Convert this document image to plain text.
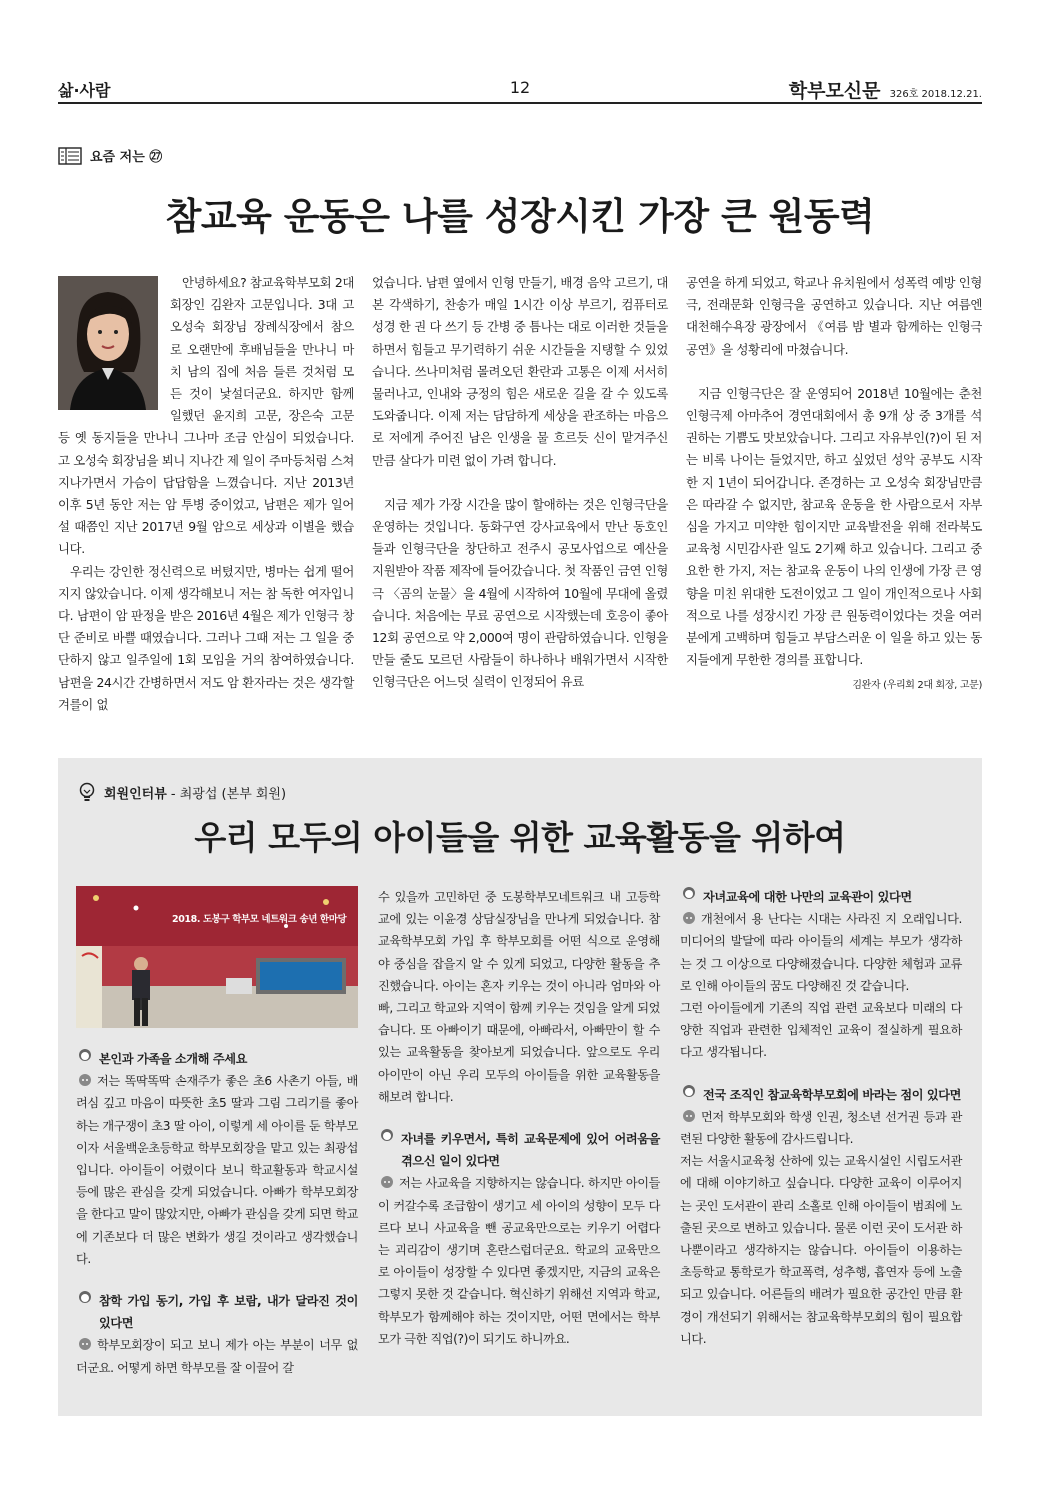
삶·사람	12	학부모신문 326호 2018.12.21.
요즘 저는 ㉗
참교육 운동은 나를 성장시킨 가장 큰 원동력

안녕하세요? 참교육학부모회 2대 회장인 김완자 고문입니다. 3대 고 오성숙 회장님 장례식장에서 참으로 오랜만에 후배님들을 만나니 마치 남의 집에 처음 들른 것처럼 모든 것이 낯설더군요. 하지만 함께 일했던 윤지희 고문, 장은숙 고문 등 옛 동지들을 만나니 그나마 조금 안심이 되었습니다. 고 오성숙 회장님을 뵈니 지나간 제 일이 주마등처럼 스쳐 지나가면서 가슴이 답답함을 느꼈습니다. 지난 2013년 이후 5년 동안 저는 암 투병 중이었고, 남편은 제가 일어설 때쯤인 지난 2017년 9월 암으로 세상과 이별을 했습니다.

우리는 강인한 정신력으로 버텼지만, 병마는 쉽게 떨어지지 않았습니다. 이제 생각해보니 저는 참 독한 여자입니다. 남편이 암 판정을 받은 2016년 4월은 제가 인형극 창단 준비로 바쁠 때였습니다. 그러나 그때 저는 그 일을 중단하지 않고 일주일에 1회 모임을 거의 참여하였습니다. 남편을 24시간 간병하면서 저도 암 환자라는 것은 생각할 겨를이 없

었습니다. 남편 옆에서 인형 만들기, 배경 음악 고르기, 대본 각색하기, 찬송가 매일 1시간 이상 부르기, 컴퓨터로 성경 한 권 다 쓰기 등 간병 중 틈나는 대로 이러한 것들을 하면서 힘들고 무기력하기 쉬운 시간들을 지탱할 수 있었습니다. 쓰나미처럼 몰려오던 환란과 고통은 이제 서서히 물러나고, 인내와 긍정의 힘은 새로운 길을 갈 수 있도록 도와줍니다. 이제 저는 담담하게 세상을 관조하는 마음으로 저에게 주어진 남은 인생을 물 흐르듯 신이 맡겨주신 만큼 살다가 미련 없이 가려 합니다.

지금 제가 가장 시간을 많이 할애하는 것은 인형극단을 운영하는 것입니다. 동화구연 강사교육에서 만난 동호인들과 인형극단을 창단하고 전주시 공모사업으로 예산을 지원받아 작품 제작에 들어갔습니다. 첫 작품인 금연 인형극 〈곰의 눈물〉을 4월에 시작하여 10월에 무대에 올렸습니다. 처음에는 무료 공연으로 시작했는데 호응이 좋아 12회 공연으로 약 2,000여 명이 관람하였습니다. 인형을 만들 줄도 모르던 사람들이 하나하나 배워가면서 시작한 인형극단은 어느덧 실력이 인정되어 유료

공연을 하게 되었고, 학교나 유치원에서 성폭력 예방 인형극, 전래문화 인형극을 공연하고 있습니다. 지난 여름엔 대천해수욕장 광장에서 《여름 밤 별과 함께하는 인형극 공연》을 성황리에 마쳤습니다.

지금 인형극단은 잘 운영되어 2018년 10월에는 춘천인형극제 아마추어 경연대회에서 총 9개 상 중 3개를 석권하는 기쁨도 맛보았습니다. 그리고 자유부인(?)이 된 저는 비록 나이는 들었지만, 하고 싶었던 성악 공부도 시작한 지 1년이 되어갑니다. 존경하는 고 오성숙 회장님만큼은 따라갈 수 없지만, 참교육 운동을 한 사람으로서 자부심을 가지고 미약한 힘이지만 교육발전을 위해 전라북도교육청 시민감사관 일도 2기째 하고 있습니다. 그리고 중요한 한 가지, 저는 참교육 운동이 나의 인생에 가장 큰 영향을 미친 위대한 도전이었고 그 일이 개인적으로나 사회적으로 나를 성장시킨 가장 큰 원동력이었다는 것을 여러분에게 고백하며 힘들고 부담스러운 이 일을 하고 있는 동지들에게 무한한 경의를 표합니다.

김완자 (우리회 2대 회장, 고문)
회원인터뷰 - 최광섭 (본부 회원)
우리 모두의 아이들을 위한 교육활동을 위하여
2018. 도봉구 학부모 네트워크 송년 한마당
본인과 가족을 소개해 주세요
저는 똑딱똑딱 손재주가 좋은 초6 사촌기 아들, 배려심 깊고 마음이 따뜻한 초5 딸과 그림 그리기를 좋아하는 개구쟁이 초3 딸 아이, 이렇게 세 아이를 둔 학부모이자 서울백운초등학교 학부모회장을 맡고 있는 최광섭입니다. 아이들이 어렸이다 보니 학교활동과 학교시설 등에 많은 관심을 갖게 되었습니다. 아빠가 학부모회장을 한다고 말이 많았지만, 아빠가 관심을 갖게 되면 학교에 기존보다 더 많은 변화가 생길 것이라고 생각했습니다.
참학 가입 동기, 가입 후 보람, 내가 달라진 것이 있다면
학부모회장이 되고 보니 제가 아는 부분이 너무 없더군요. 어떻게 하면 학부모를 잘 이끌어 갈
수 있을까 고민하던 중 도봉학부모네트워크 내 고등학교에 있는 이윤경 상담실장님을 만나게 되었습니다. 참교육학부모회 가입 후 학부모회를 어떤 식으로 운영해야 중심을 잡을지 알 수 있게 되었고, 다양한 활동을 추진했습니다. 아이는 혼자 키우는 것이 아니라 엄마와 아빠, 그리고 학교와 지역이 함께 키우는 것임을 알게 되었습니다. 또 아빠이기 때문에, 아빠라서, 아빠만이 할 수 있는 교육활동을 찾아보게 되었습니다. 앞으로도 우리 아이만이 아닌 우리 모두의 아이들을 위한 교육활동을 해보려 합니다.
자녀를 키우면서, 특히 교육문제에 있어 어려움을 겪으신 일이 있다면
저는 사교육을 지향하지는 않습니다. 하지만 아이들이 커갈수록 조급함이 생기고 세 아이의 성향이 모두 다르다 보니 사교육을 뺀 공교육만으로는 키우기 어렵다는 괴리감이 생기며 혼란스럽더군요. 학교의 교육만으로 아이들이 성장할 수 있다면 좋겠지만, 지금의 교육은 그렇지 못한 것 같습니다. 혁신하기 위해선 지역과 학교, 학부모가 함께해야 하는 것이지만, 어떤 면에서는 학부모가 극한 직업(?)이 되기도 하니까요.
자녀교육에 대한 나만의 교육관이 있다면
개천에서 용 난다는 시대는 사라진 지 오래입니다. 미디어의 발달에 따라 아이들의 세계는 부모가 생각하는 것 그 이상으로 다양해졌습니다. 다양한 체험과 교류로 인해 아이들의 꿈도 다양해진 것 같습니다.
그런 아이들에게 기존의 직업 관련 교육보다 미래의 다양한 직업과 관련한 입체적인 교육이 절실하게 필요하다고 생각됩니다.
전국 조직인 참교육학부모회에 바라는 점이 있다면
먼저 학부모회와 학생 인권, 청소년 선거권 등과 관련된 다양한 활동에 감사드립니다.
저는 서울시교육청 산하에 있는 교육시설인 시립도서관에 대해 이야기하고 싶습니다. 다양한 교육이 이루어지는 곳인 도서관이 관리 소홀로 인해 아이들이 범죄에 노출된 곳으로 변하고 있습니다. 물론 이런 곳이 도서관 하나뿐이라고 생각하지는 않습니다. 아이들이 이용하는 초등학교 통학로가 학교폭력, 성추행, 흡연자 등에 노출되고 있습니다. 어른들의 배려가 필요한 공간인 만큼 환경이 개선되기 위해서는 참교육학부모회의 힘이 필요합니다.
